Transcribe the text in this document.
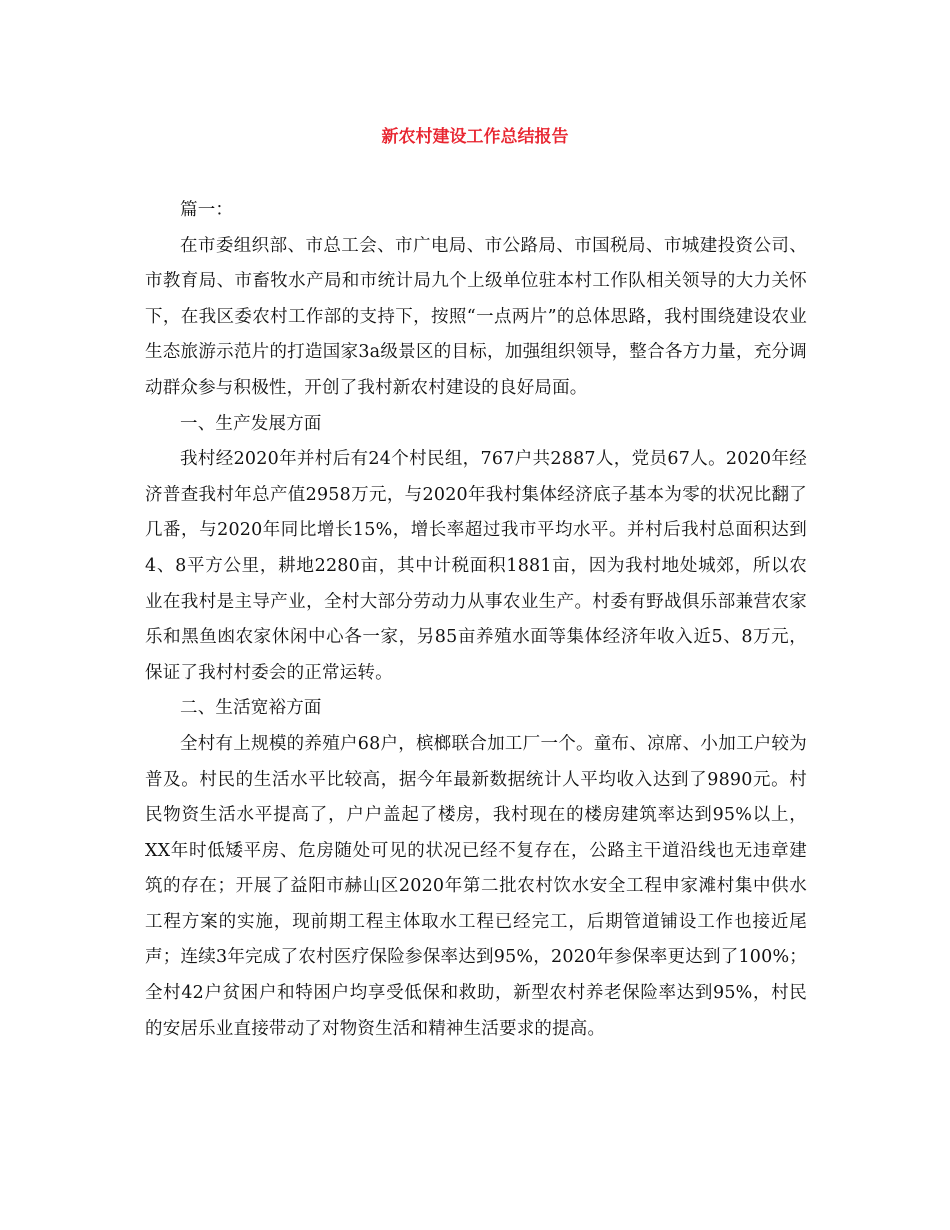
新农村建设工作总结报告

篇一：

在市委组织部、市总工会、市广电局、市公路局、市国税局、市城建投资公司、市教育局、市畜牧水产局和市统计局九个上级单位驻本村工作队相关领导的大力关怀下，在我区委农村工作部的支持下，按照“一点两片”的总体思路，我村围绕建设农业生态旅游示范片的打造国家3a级景区的目标，加强组织领导，整合各方力量，充分调动群众参与积极性，开创了我村新农村建设的良好局面。

一、生产发展方面

我村经2020年并村后有24个村民组，767户共2887人，党员67人。2020年经济普查我村年总产值2958万元，与2020年我村集体经济底子基本为零的状况比翻了几番，与2020年同比增长15%，增长率超过我市平均水平。并村后我村总面积达到4、8平方公里，耕地2280亩，其中计税面积1881亩，因为我村地处城郊，所以农业在我村是主导产业，全村大部分劳动力从事农业生产。村委有野战俱乐部兼营农家乐和黑鱼凼农家休闲中心各一家，另85亩养殖水面等集体经济年收入近5、8万元，保证了我村村委会的正常运转。

二、生活宽裕方面

全村有上规模的养殖户68户，槟榔联合加工厂一个。童布、凉席、小加工户较为普及。村民的生活水平比较高，据今年最新数据统计人平均收入达到了9890元。村民物资生活水平提高了，户户盖起了楼房，我村现在的楼房建筑率达到95%以上，XX年时低矮平房、危房随处可见的状况已经不复存在，公路主干道沿线也无违章建筑的存在；开展了益阳市赫山区2020年第二批农村饮水安全工程申家滩村集中供水工程方案的实施，现前期工程主体取水工程已经完工，后期管道铺设工作也接近尾声；连续3年完成了农村医疗保险参保率达到95%，2020年参保率更达到了100%；全村42户贫困户和特困户均享受低保和救助，新型农村养老保险率达到95%，村民的安居乐业直接带动了对物资生活和精神生活要求的提高。
